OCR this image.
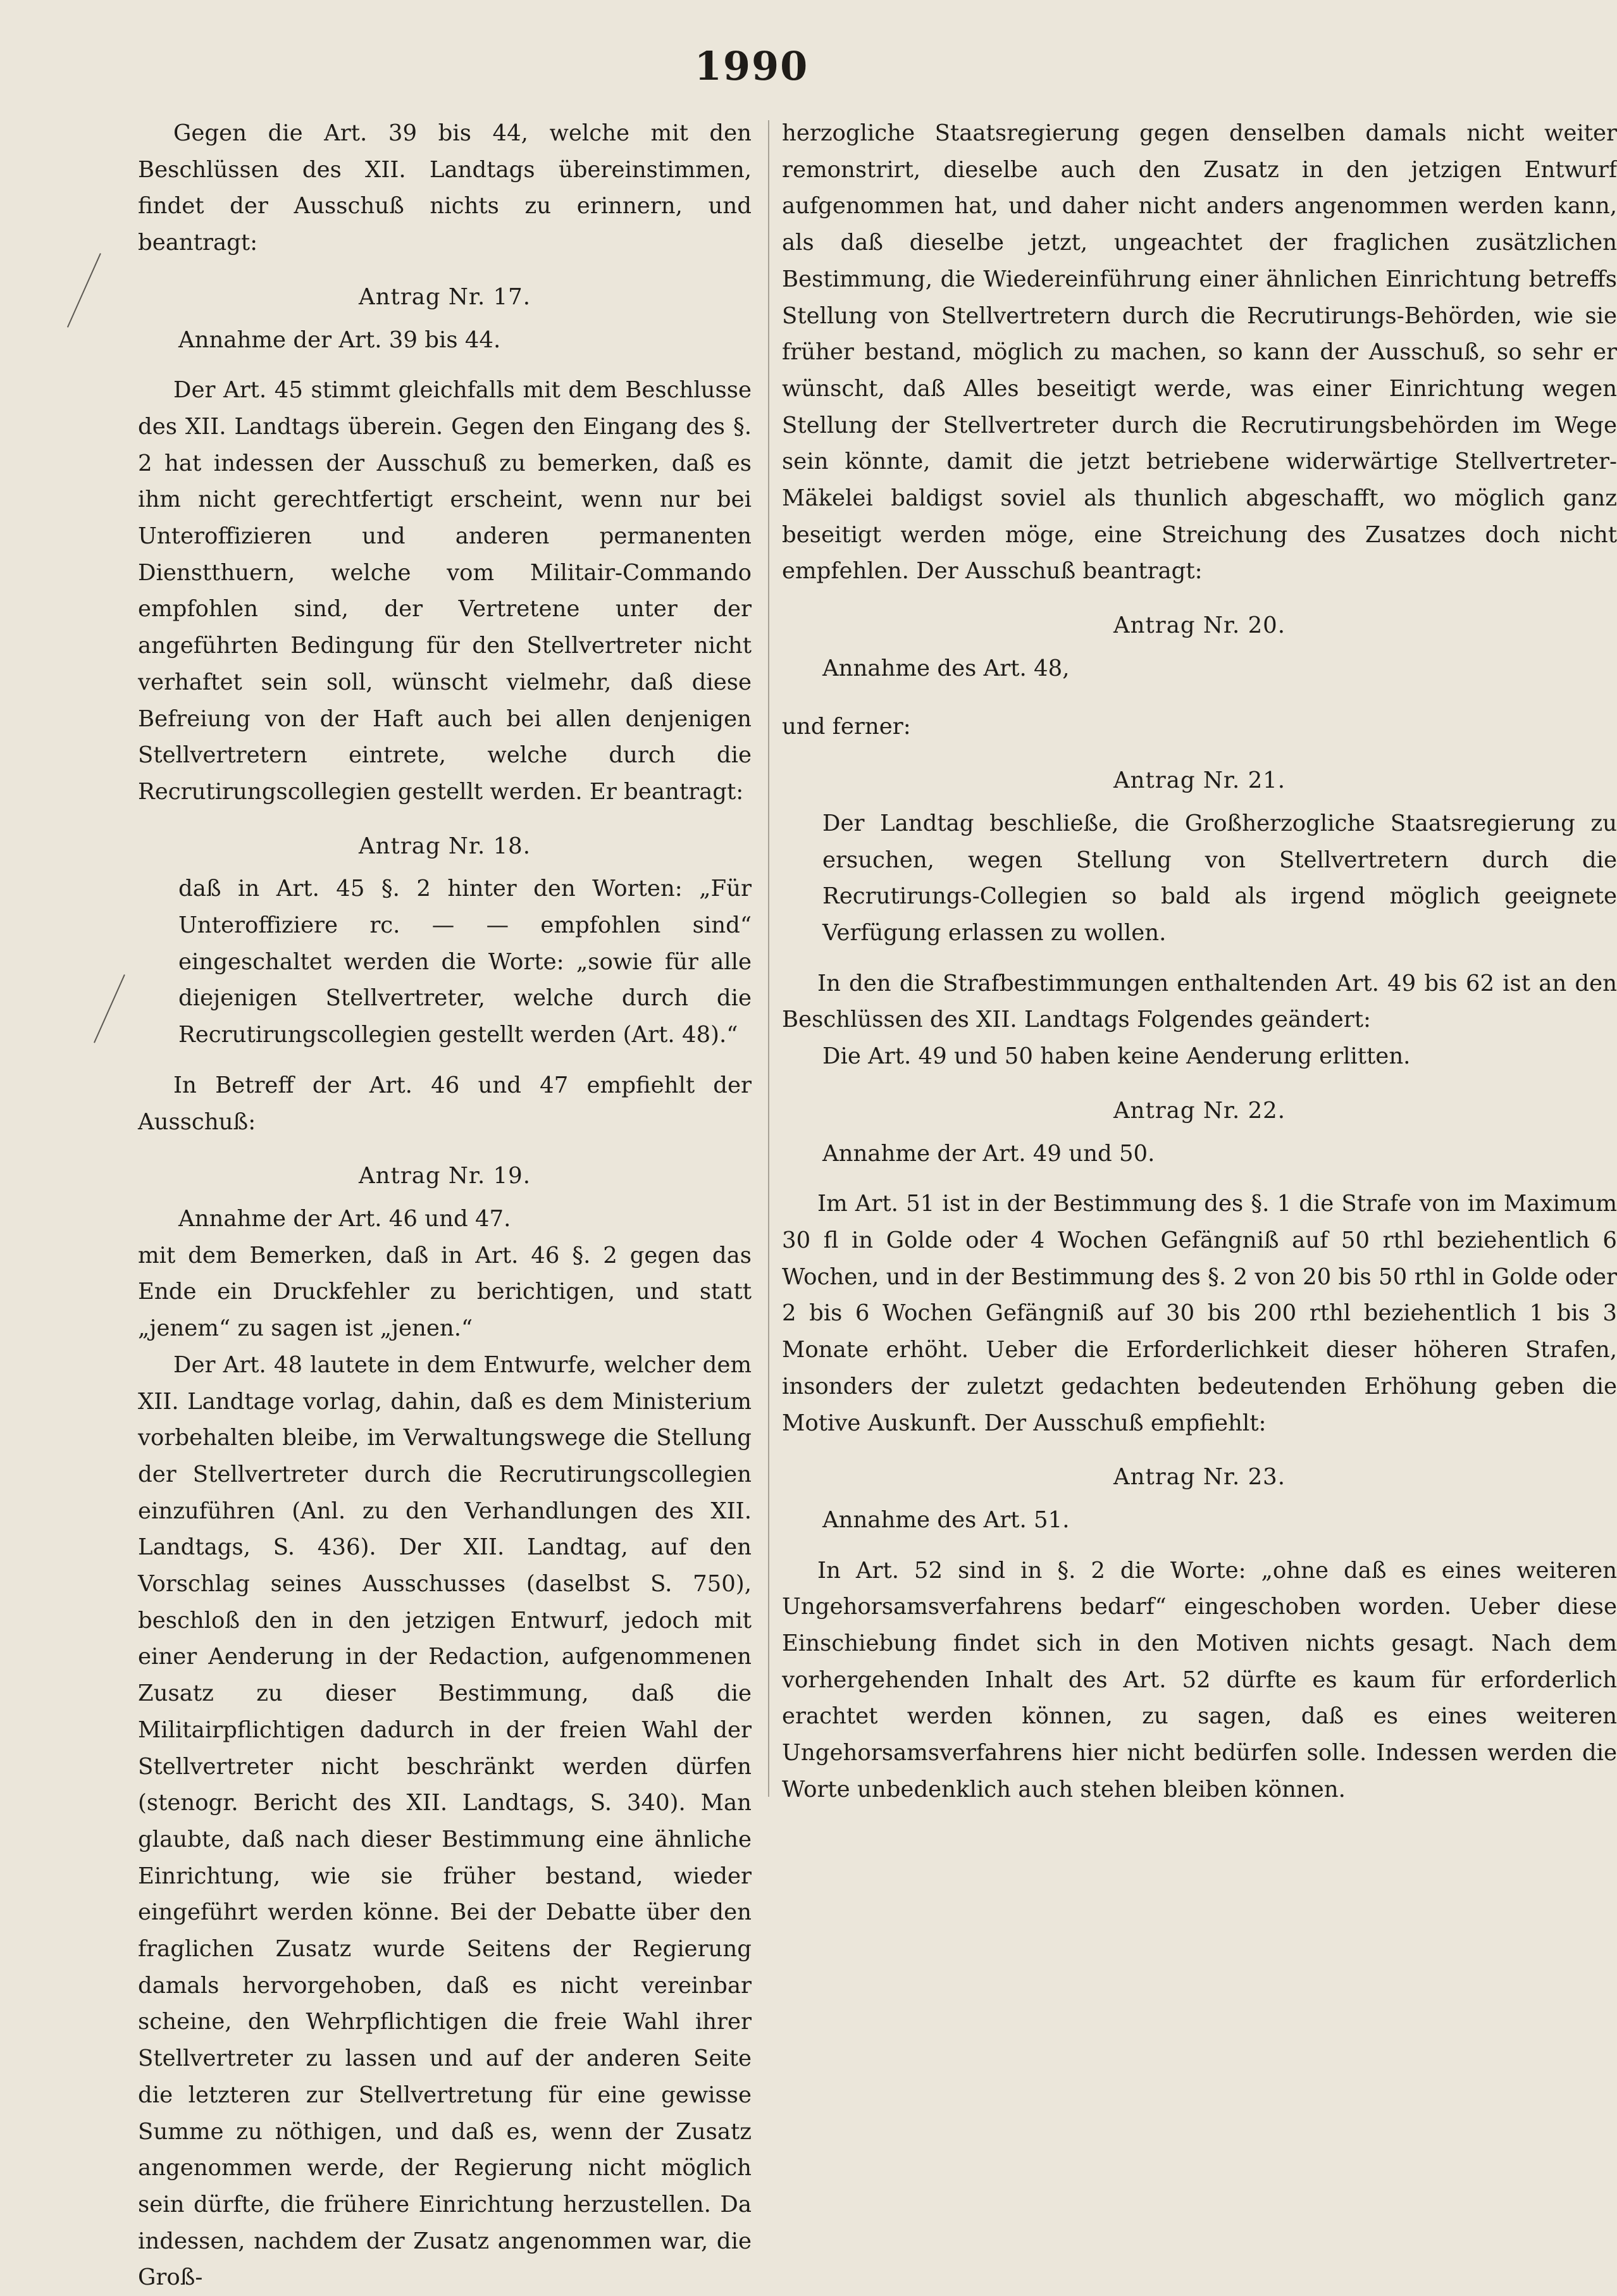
1990

Gegen die Art. 39 bis 44, welche mit den Beschlüssen des XII. Landtags übereinstimmen, findet der Ausschuß nichts zu erinnern, und beantragt:

Antrag Nr. 17.

Annahme der Art. 39 bis 44.

Der Art. 45 stimmt gleichfalls mit dem Beschlusse des XII. Landtags überein. Gegen den Eingang des §. 2 hat indessen der Ausschuß zu bemerken, daß es ihm nicht gerechtfertigt erscheint, wenn nur bei Unteroffizieren und anderen permanenten Dienstthuern, welche vom Militair-Commando empfohlen sind, der Vertretene unter der angeführten Bedingung für den Stellvertreter nicht verhaftet sein soll, wünscht vielmehr, daß diese Befreiung von der Haft auch bei allen denjenigen Stellvertretern eintrete, welche durch die Recrutirungscollegien gestellt werden. Er beantragt:

Antrag Nr. 18.

daß in Art. 45 §. 2 hinter den Worten: „Für Unteroffiziere rc. — — empfohlen sind“ eingeschaltet werden die Worte: „sowie für alle diejenigen Stellvertreter, welche durch die Recrutirungscollegien gestellt werden (Art. 48).“

In Betreff der Art. 46 und 47 empfiehlt der Ausschuß:

Antrag Nr. 19.

Annahme der Art. 46 und 47.

mit dem Bemerken, daß in Art. 46 §. 2 gegen das Ende ein Druckfehler zu berichtigen, und statt „jenem“ zu sagen ist „jenen.“

Der Art. 48 lautete in dem Entwurfe, welcher dem XII. Landtage vorlag, dahin, daß es dem Ministerium vorbehalten bleibe, im Verwaltungswege die Stellung der Stellvertreter durch die Recrutirungscollegien einzuführen (Anl. zu den Verhandlungen des XII. Landtags, S. 436). Der XII. Landtag, auf den Vorschlag seines Ausschusses (daselbst S. 750), beschloß den in den jetzigen Entwurf, jedoch mit einer Aenderung in der Redaction, aufgenommenen Zusatz zu dieser Bestimmung, daß die Militairpflichtigen dadurch in der freien Wahl der Stellvertreter nicht beschränkt werden dürfen (stenogr. Bericht des XII. Landtags, S. 340). Man glaubte, daß nach dieser Bestimmung eine ähnliche Einrichtung, wie sie früher bestand, wieder eingeführt werden könne. Bei der Debatte über den fraglichen Zusatz wurde Seitens der Regierung damals hervorgehoben, daß es nicht vereinbar scheine, den Wehrpflichtigen die freie Wahl ihrer Stellvertreter zu lassen und auf der anderen Seite die letzteren zur Stellvertretung für eine gewisse Summe zu nöthigen, und daß es, wenn der Zusatz angenommen werde, der Regierung nicht möglich sein dürfte, die frühere Einrichtung herzustellen. Da indessen, nachdem der Zusatz angenommen war, die Groß-

herzogliche Staatsregierung gegen denselben damals nicht weiter remonstrirt, dieselbe auch den Zusatz in den jetzigen Entwurf aufgenommen hat, und daher nicht anders angenommen werden kann, als daß dieselbe jetzt, ungeachtet der fraglichen zusätzlichen Bestimmung, die Wiedereinführung einer ähnlichen Einrichtung betreffs Stellung von Stellvertretern durch die Recrutirungs-Behörden, wie sie früher bestand, möglich zu machen, so kann der Ausschuß, so sehr er wünscht, daß Alles beseitigt werde, was einer Einrichtung wegen Stellung der Stellvertreter durch die Recrutirungsbehörden im Wege sein könnte, damit die jetzt betriebene widerwärtige Stellvertreter-Mäkelei baldigst soviel als thunlich abgeschafft, wo möglich ganz beseitigt werden möge, eine Streichung des Zusatzes doch nicht empfehlen. Der Ausschuß beantragt:

Antrag Nr. 20.

Annahme des Art. 48,

und ferner:

Antrag Nr. 21.

Der Landtag beschließe, die Großherzogliche Staatsregierung zu ersuchen, wegen Stellung von Stellvertretern durch die Recrutirungs-Collegien so bald als irgend möglich geeignete Verfügung erlassen zu wollen.

In den die Strafbestimmungen enthaltenden Art. 49 bis 62 ist an den Beschlüssen des XII. Landtags Folgendes geändert:

Die Art. 49 und 50 haben keine Aenderung erlitten.

Antrag Nr. 22.

Annahme der Art. 49 und 50.

Im Art. 51 ist in der Bestimmung des §. 1 die Strafe von im Maximum 30 fl in Golde oder 4 Wochen Gefängniß auf 50 rthl beziehentlich 6 Wochen, und in der Bestimmung des §. 2 von 20 bis 50 rthl in Golde oder 2 bis 6 Wochen Gefängniß auf 30 bis 200 rthl beziehentlich 1 bis 3 Monate erhöht. Ueber die Erforderlichkeit dieser höheren Strafen, insonders der zuletzt gedachten bedeutenden Erhöhung geben die Motive Auskunft. Der Ausschuß empfiehlt:

Antrag Nr. 23.

Annahme des Art. 51.

In Art. 52 sind in §. 2 die Worte: „ohne daß es eines weiteren Ungehorsamsverfahrens bedarf“ eingeschoben worden. Ueber diese Einschiebung findet sich in den Motiven nichts gesagt. Nach dem vorhergehenden Inhalt des Art. 52 dürfte es kaum für erforderlich erachtet werden können, zu sagen, daß es eines weiteren Ungehorsamsverfahrens hier nicht bedürfen solle. Indessen werden die Worte unbedenklich auch stehen bleiben können.
